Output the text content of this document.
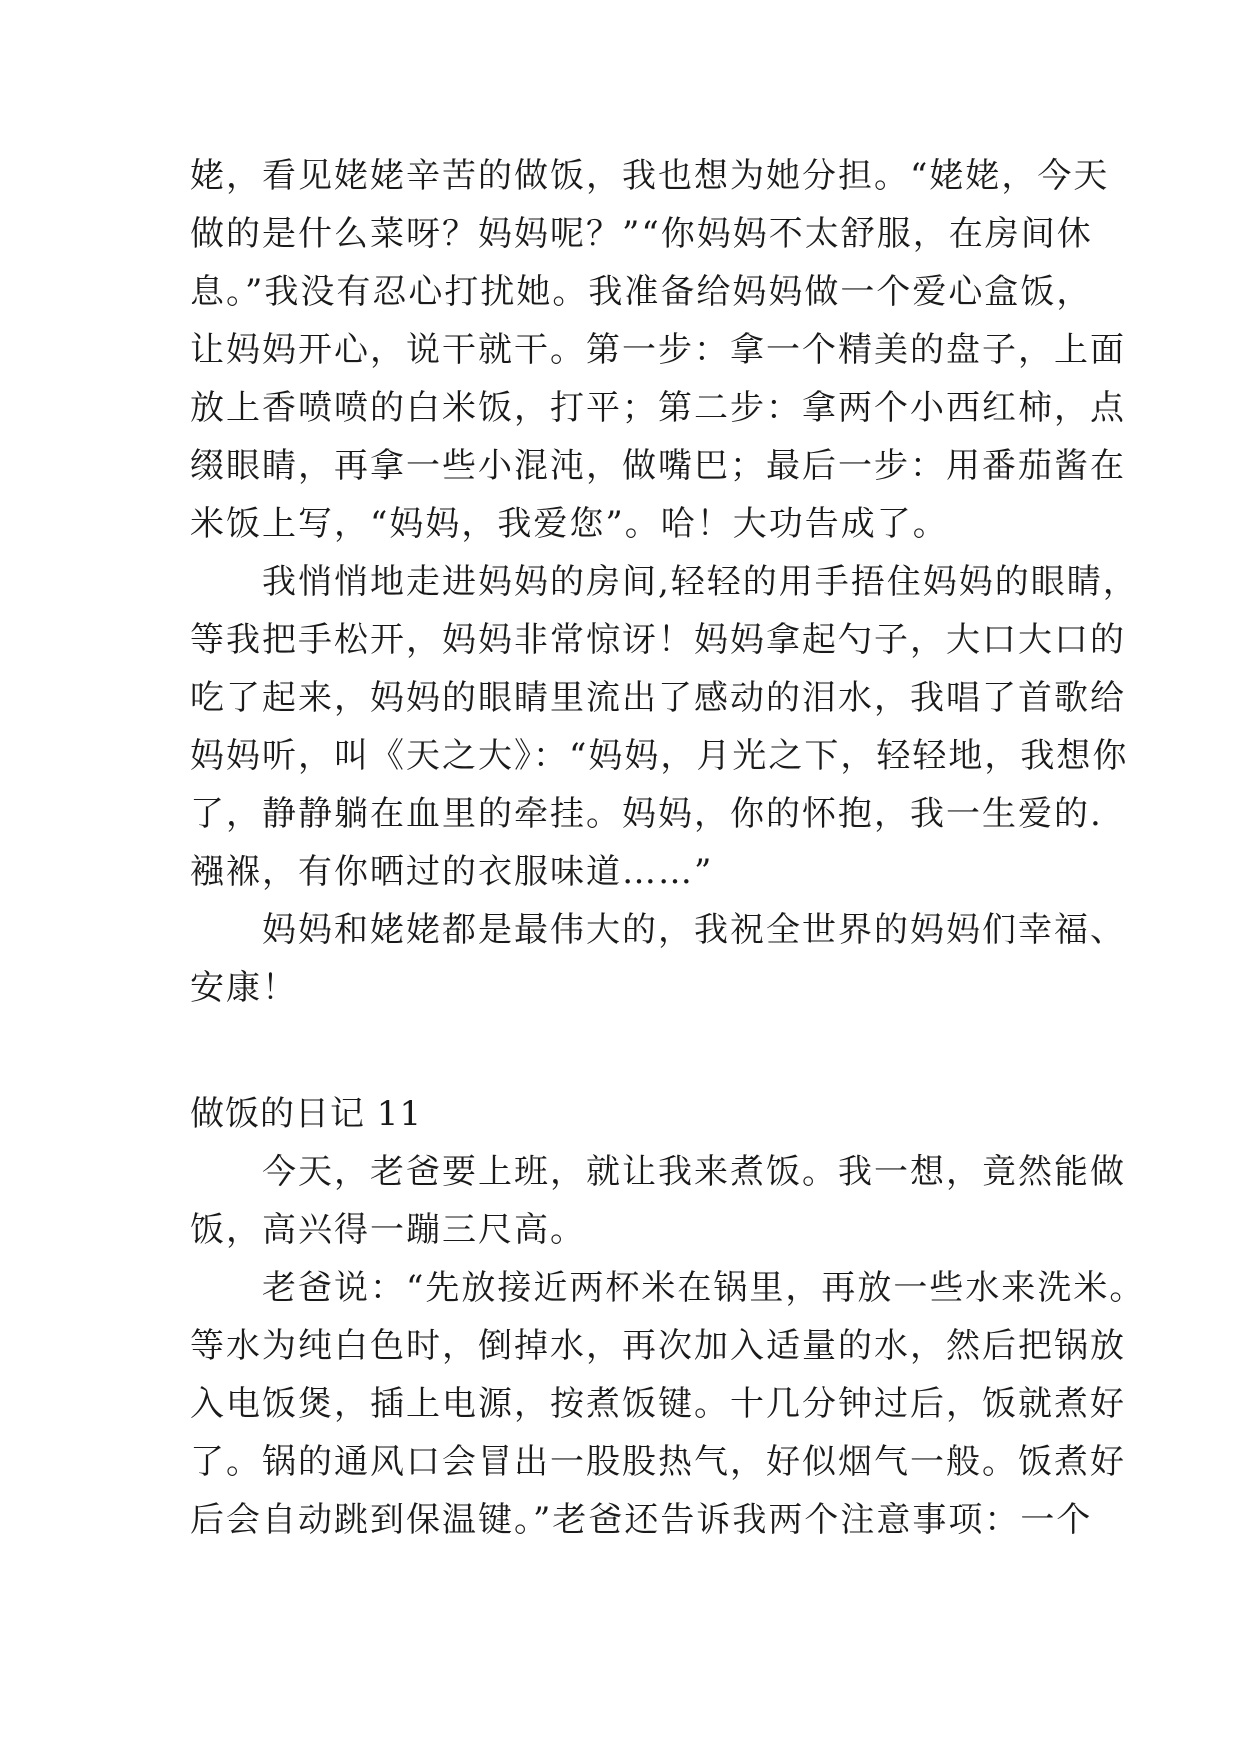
姥，看见姥姥辛苦的做饭，我也想为她分担。“姥姥，今天
做的是什么菜呀？妈妈呢？”“你妈妈不太舒服，在房间休
息。”我没有忍心打扰她。我准备给妈妈做一个爱心盒饭，
让妈妈开心，说干就干。第一步：拿一个精美的盘子，上面
放上香喷喷的白米饭，打平；第二步：拿两个小西红柿，点
缀眼睛，再拿一些小混沌，做嘴巴；最后一步：用番茄酱在
米饭上写，“妈妈，我爱您”。哈！大功告成了。
　　我悄悄地走进妈妈的房间,轻轻的用手捂住妈妈的眼睛，
等我把手松开，妈妈非常惊讶！妈妈拿起勺子，大口大口的
吃了起来，妈妈的眼睛里流出了感动的泪水，我唱了首歌给
妈妈听，叫《天之大》：“妈妈，月光之下，轻轻地，我想你
了，静静躺在血里的牵挂。妈妈，你的怀抱，我一生爱的.
襁褓，有你晒过的衣服味道……”
　　妈妈和姥姥都是最伟大的，我祝全世界的妈妈们幸福、
安康！
做饭的日记 11
　　今天，老爸要上班，就让我来煮饭。我一想，竟然能做
饭，高兴得一蹦三尺高。
　　老爸说：“先放接近两杯米在锅里，再放一些水来洗米。
等水为纯白色时，倒掉水，再次加入适量的水，然后把锅放
入电饭煲，插上电源，按煮饭键。十几分钟过后，饭就煮好
了。锅的通风口会冒出一股股热气，好似烟气一般。饭煮好
后会自动跳到保温键。”老爸还告诉我两个注意事项：一个
